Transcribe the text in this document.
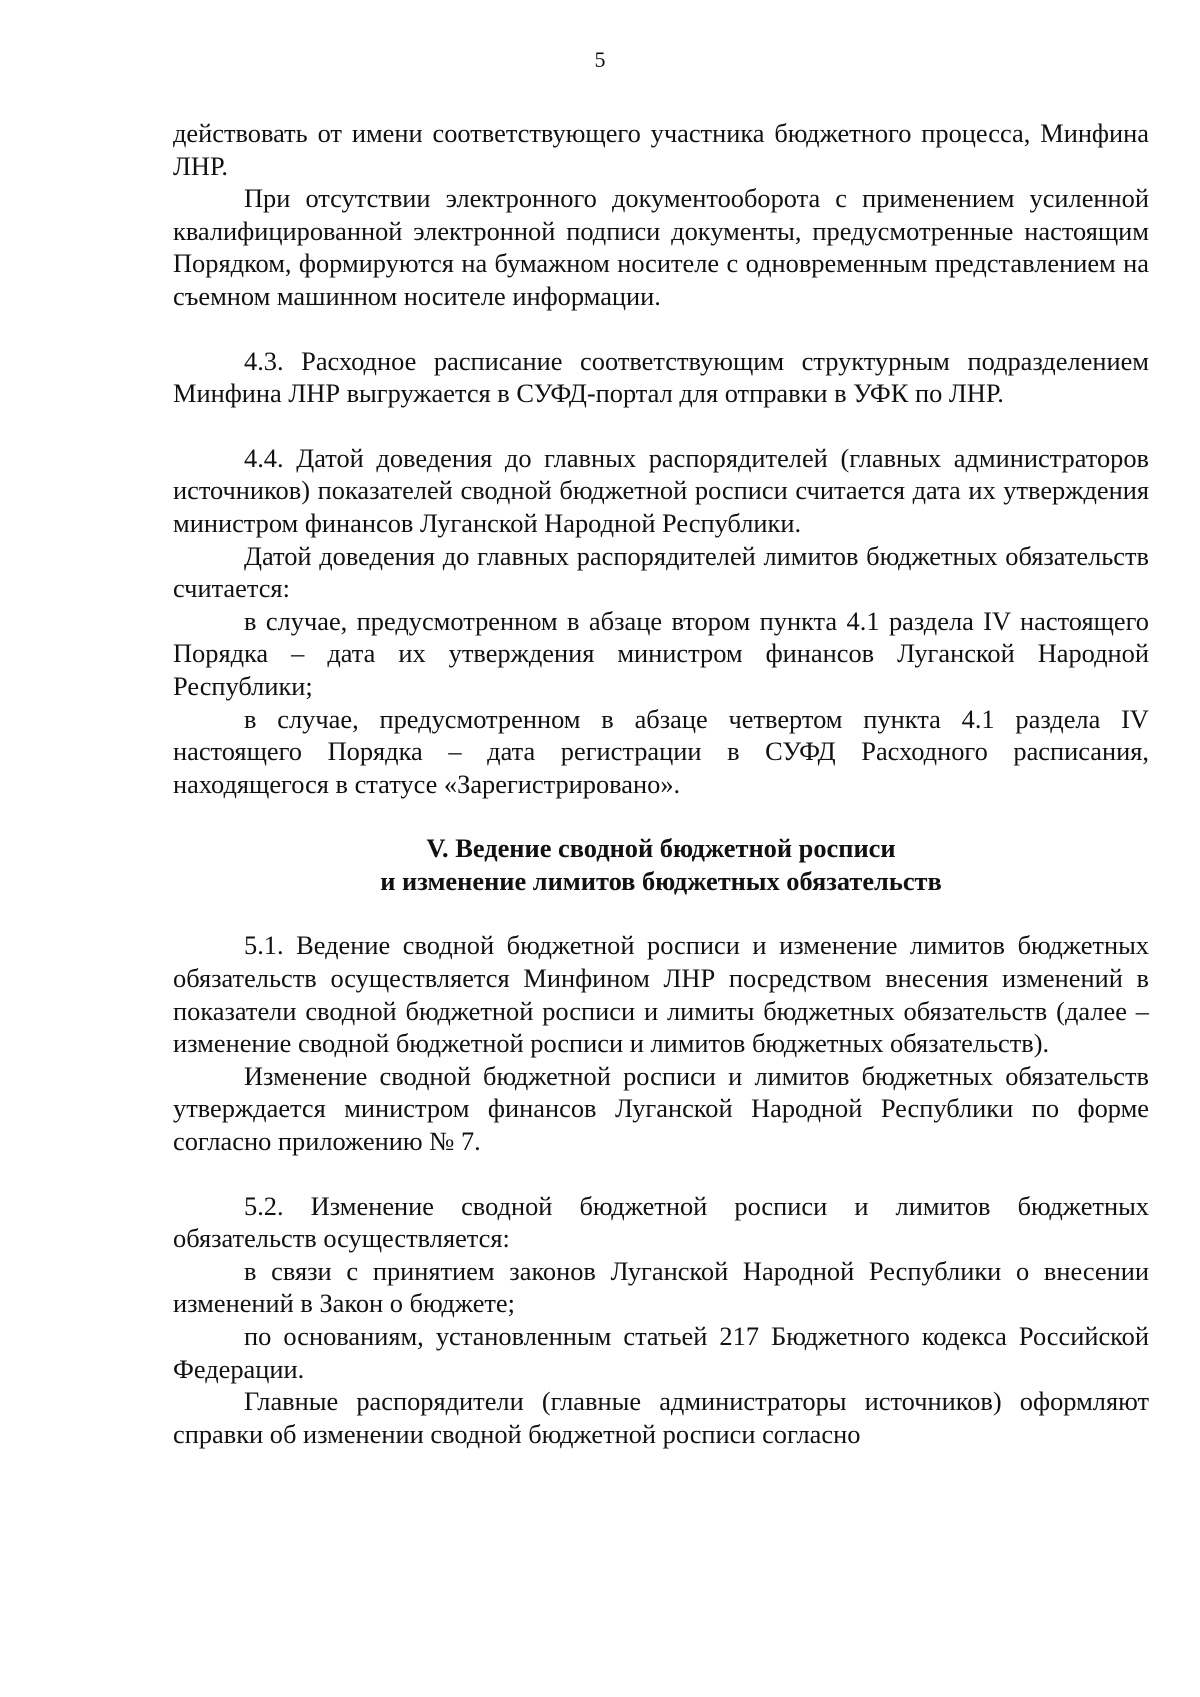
5

действовать от имени соответствующего участника бюджетного процесса, Минфина ЛНР.

При отсутствии электронного документооборота с применением усиленной квалифицированной электронной подписи документы, предусмотренные настоящим Порядком, формируются на бумажном носителе с одновременным представлением на съемном машинном носителе информации.

4.3. Расходное расписание соответствующим структурным подразделением Минфина ЛНР выгружается в СУФД-портал для отправки в УФК по ЛНР.

4.4. Датой доведения до главных распорядителей (главных администраторов источников) показателей сводной бюджетной росписи считается дата их утверждения министром финансов Луганской Народной Республики.

Датой доведения до главных распорядителей лимитов бюджетных обязательств считается:

в случае, предусмотренном в абзаце втором пункта 4.1 раздела IV настоящего Порядка – дата их утверждения министром финансов Луганской Народной Республики;

в случае, предусмотренном в абзаце четвертом пункта 4.1 раздела IV настоящего Порядка – дата регистрации в СУФД Расходного расписания, находящегося в статусе «Зарегистрировано».

V. Ведение сводной бюджетной росписи
и изменение лимитов бюджетных обязательств

5.1. Ведение сводной бюджетной росписи и изменение лимитов бюджетных обязательств осуществляется Минфином ЛНР посредством внесения изменений в показатели сводной бюджетной росписи и лимиты бюджетных обязательств (далее – изменение сводной бюджетной росписи и лимитов бюджетных обязательств).

Изменение сводной бюджетной росписи и лимитов бюджетных обязательств утверждается министром финансов Луганской Народной Республики по форме согласно приложению № 7.

5.2. Изменение сводной бюджетной росписи и лимитов бюджетных обязательств осуществляется:

в связи с принятием законов Луганской Народной Республики о внесении изменений в Закон о бюджете;

по основаниям, установленным статьей 217 Бюджетного кодекса Российской Федерации.

Главные распорядители (главные администраторы источников) оформляют справки об изменении сводной бюджетной росписи согласно
